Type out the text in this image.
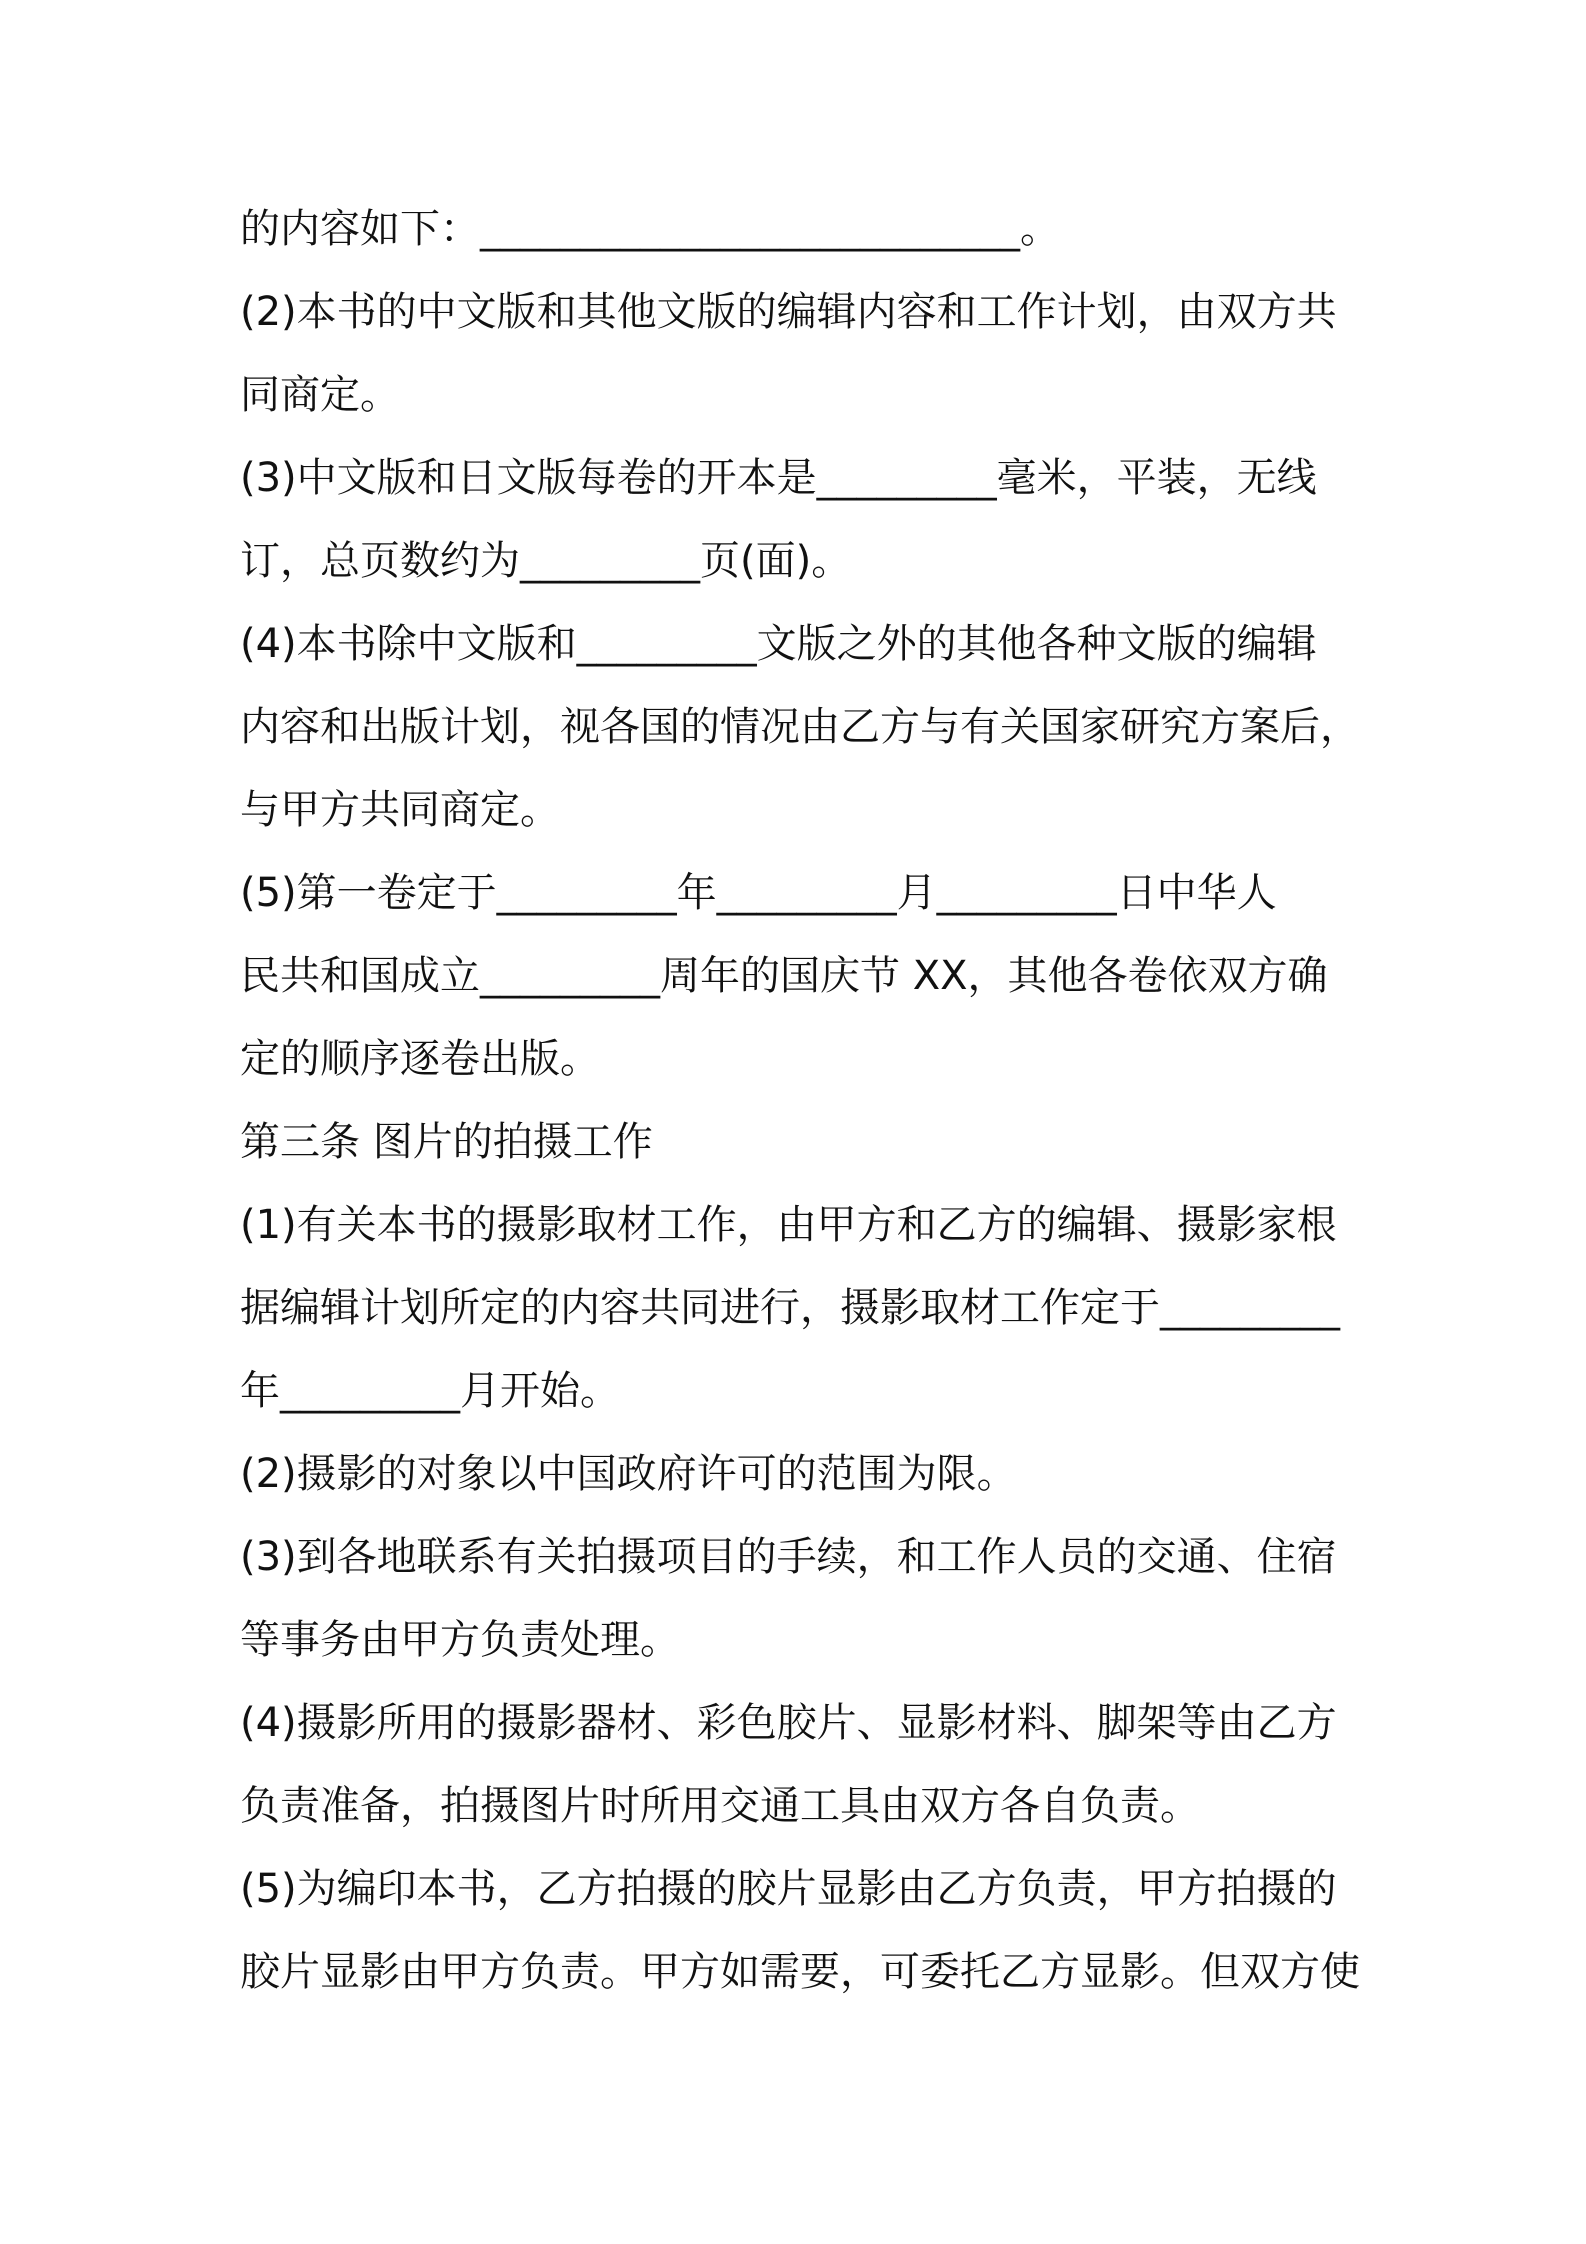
的内容如下：___________________________。
(2)本书的中文版和其他文版的编辑内容和工作计划，由双方共
同商定。
(3)中文版和日文版每卷的开本是_________毫米，平装，无线
订，总页数约为_________页(面)。
(4)本书除中文版和_________文版之外的其他各种文版的编辑
内容和出版计划，视各国的情况由乙方与有关国家研究方案后，
与甲方共同商定。
(5)第一卷定于_________年_________月_________日中华人
民共和国成立_________周年的国庆节 XX，其他各卷依双方确
定的顺序逐卷出版。
第三条 图片的拍摄工作
(1)有关本书的摄影取材工作，由甲方和乙方的编辑、摄影家根
据编辑计划所定的内容共同进行，摄影取材工作定于_________
年_________月开始。
(2)摄影的对象以中国政府许可的范围为限。
(3)到各地联系有关拍摄项目的手续，和工作人员的交通、住宿
等事务由甲方负责处理。
(4)摄影所用的摄影器材、彩色胶片、显影材料、脚架等由乙方
负责准备，拍摄图片时所用交通工具由双方各自负责。
(5)为编印本书，乙方拍摄的胶片显影由乙方负责，甲方拍摄的
胶片显影由甲方负责。甲方如需要，可委托乙方显影。但双方使
